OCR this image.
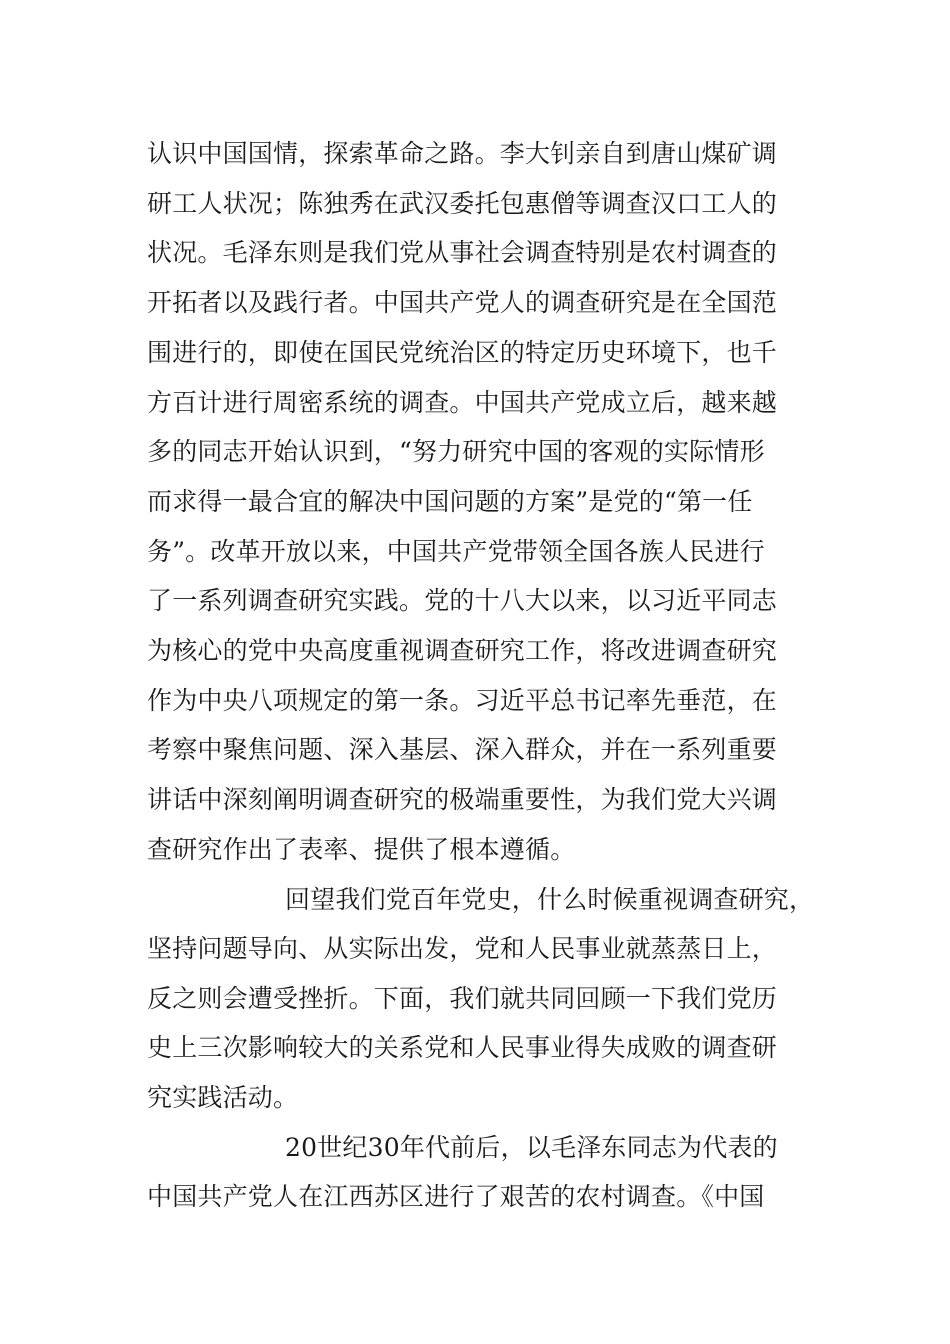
认识中国国情，探索革命之路。李大钊亲自到唐山煤矿调
研工人状况；陈独秀在武汉委托包惠僧等调查汉口工人的
状况。毛泽东则是我们党从事社会调查特别是农村调查的
开拓者以及践行者。中国共产党人的调查研究是在全国范
围进行的，即使在国民党统治区的特定历史环境下，也千
方百计进行周密系统的调查。中国共产党成立后，越来越
多的同志开始认识到，“努力研究中国的客观的实际情形
而求得一最合宜的解决中国问题的方案”是党的“第一任
务”。改革开放以来，中国共产党带领全国各族人民进行
了一系列调查研究实践。党的十八大以来，以习近平同志
为核心的党中央高度重视调查研究工作，将改进调查研究
作为中央八项规定的第一条。习近平总书记率先垂范，在
考察中聚焦问题、深入基层、深入群众，并在一系列重要
讲话中深刻阐明调查研究的极端重要性，为我们党大兴调
查研究作出了表率、提供了根本遵循。
回望我们党百年党史，什么时候重视调查研究，
坚持问题导向、从实际出发，党和人民事业就蒸蒸日上，
反之则会遭受挫折。下面，我们就共同回顾一下我们党历
史上三次影响较大的关系党和人民事业得失成败的调查研
究实践活动。
20世纪30年代前后，以毛泽东同志为代表的
中国共产党人在江西苏区进行了艰苦的农村调查。《中国
